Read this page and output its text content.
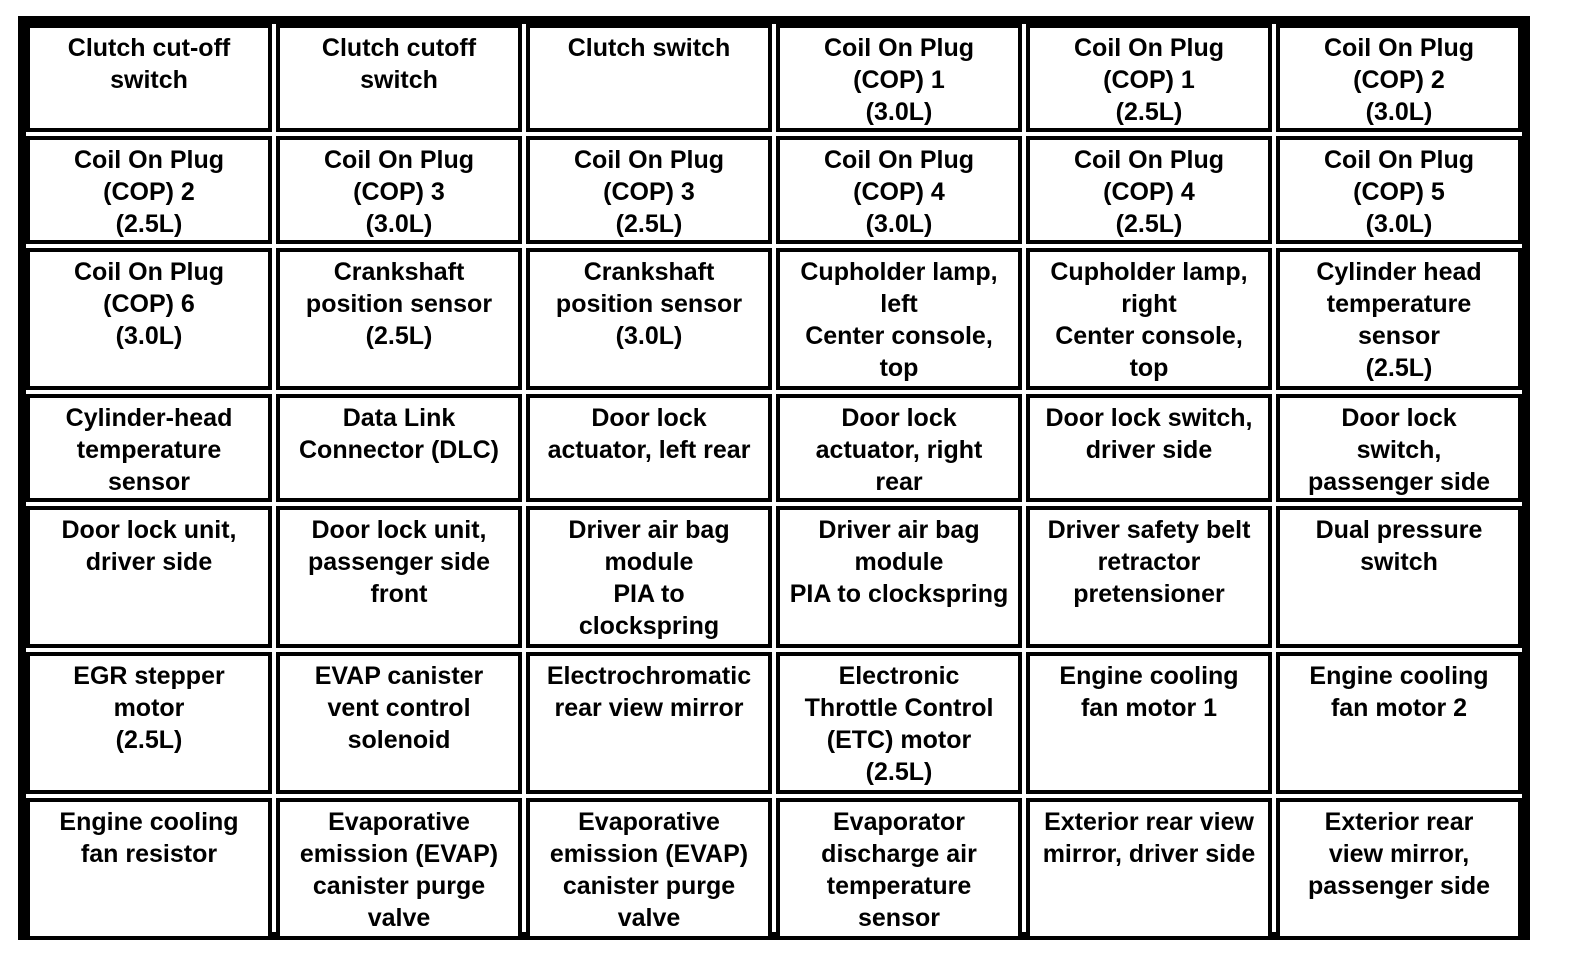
Clutch cut-off
switch
Clutch cutoff
switch
Clutch switch	Coil On Plug
(COP) 1
(3.0L)
Coil On Plug
(COP) 1
(2.5L)
Coil On Plug
(COP) 2
(3.0L)
Coil On Plug
(COP) 2
(2.5L)
Coil On Plug
(COP) 3
(3.0L)
Coil On Plug
(COP) 3
(2.5L)
Coil On Plug
(COP) 4
(3.0L)
Coil On Plug
(COP) 4
(2.5L)
Coil On Plug
(COP) 5
(3.0L)
Coil On Plug
(COP) 6
(3.0L)
Crankshaft
position sensor
(2.5L)
Crankshaft
position sensor
(3.0L)
Cupholder lamp,
left
Center console,
top
Cupholder lamp,
right
Center console,
top
Cylinder head
temperature
sensor
(2.5L)
Cylinder-head
temperature
sensor
Data Link
Connector (DLC)
Door lock
actuator, left rear
Door lock
actuator, right
rear
Door lock switch,
driver side
Door lock
switch,
passenger side
Door lock unit,
driver side
Door lock unit,
passenger side
front
Driver air bag
module
PIA to
clockspring
Driver air bag
module
PIA to clockspring
Driver safety belt
retractor
pretensioner
Dual pressure
switch
EGR stepper
motor
(2.5L)
EVAP canister
vent control
solenoid
Electrochromatic
rear view mirror
Electronic
Throttle Control
(ETC) motor
(2.5L)
Engine cooling
fan motor 1
Engine cooling
fan motor 2
Engine cooling
fan resistor
Evaporative
emission (EVAP)
canister purge
valve
Evaporative
emission (EVAP)
canister purge
valve
Evaporator
discharge air
temperature
sensor
Exterior rear view
mirror, driver side
Exterior rear
view mirror,
passenger side
